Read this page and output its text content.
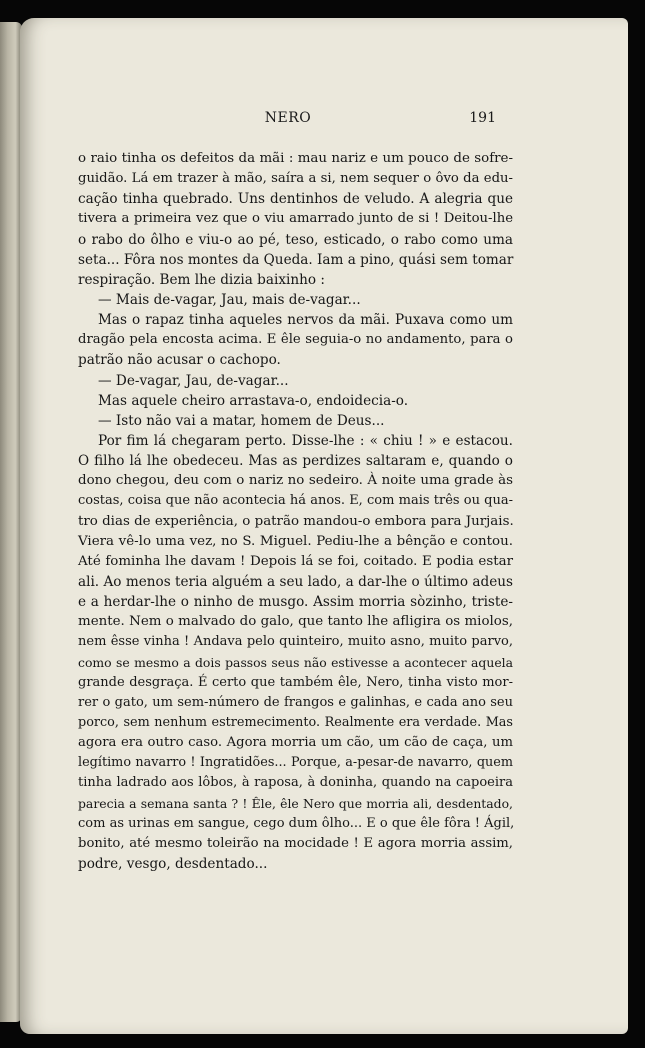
NERO	191
o raio tinha os defeitos da mãi : mau nariz e um pouco de sofre-
guidão. Lá em trazer à mão, saíra a si, nem sequer o ôvo da edu-
cação tinha quebrado. Uns dentinhos de veludo. A alegria que
tivera a primeira vez que o viu amarrado junto de si ! Deitou-lhe
o rabo do ôlho e viu-o ao pé, teso, esticado, o rabo como uma
seta... Fôra nos montes da Queda. Iam a pino, quási sem tomar
respiração. Bem lhe dizia baixinho :
— Mais de-vagar, Jau, mais de-vagar...
Mas o rapaz tinha aqueles nervos da mãi. Puxava como um
dragão pela encosta acima. E êle seguia-o no andamento, para o
patrão não acusar o cachopo.
— De-vagar, Jau, de-vagar...
Mas aquele cheiro arrastava-o, endoidecia-o.
— Isto não vai a matar, homem de Deus...
Por fim lá chegaram perto. Disse-lhe : « chiu ! » e estacou.
O filho lá lhe obedeceu. Mas as perdizes saltaram e, quando o
dono chegou, deu com o nariz no sedeiro. À noite uma grade às
costas, coisa que não acontecia há anos. E, com mais três ou qua-
tro dias de experiência, o patrão mandou-o embora para Jurjais.
Viera vê-lo uma vez, no S. Miguel. Pediu-lhe a bênção e contou.
Até fominha lhe davam ! Depois lá se foi, coitado. E podia estar
ali. Ao menos teria alguém a seu lado, a dar-lhe o último adeus
e a herdar-lhe o ninho de musgo. Assim morria sòzinho, triste-
mente. Nem o malvado do galo, que tanto lhe afligira os miolos,
nem êsse vinha ! Andava pelo quinteiro, muito asno, muito parvo,
como se mesmo a dois passos seus não estivesse a acontecer aquela
grande desgraça. É certo que também êle, Nero, tinha visto mor-
rer o gato, um sem-número de frangos e galinhas, e cada ano seu
porco, sem nenhum estremecimento. Realmente era verdade. Mas
agora era outro caso. Agora morria um cão, um cão de caça, um
legítimo navarro ! Ingratidões... Porque, a-pesar-de navarro, quem
tinha ladrado aos lôbos, à raposa, à doninha, quando na capoeira
parecia a semana santa ? ! Êle, êle Nero que morria ali, desdentado,
com as urinas em sangue, cego dum ôlho... E o que êle fôra ! Ágil,
bonito, até mesmo toleirão na mocidade ! E agora morria assim,
podre, vesgo, desdentado...
